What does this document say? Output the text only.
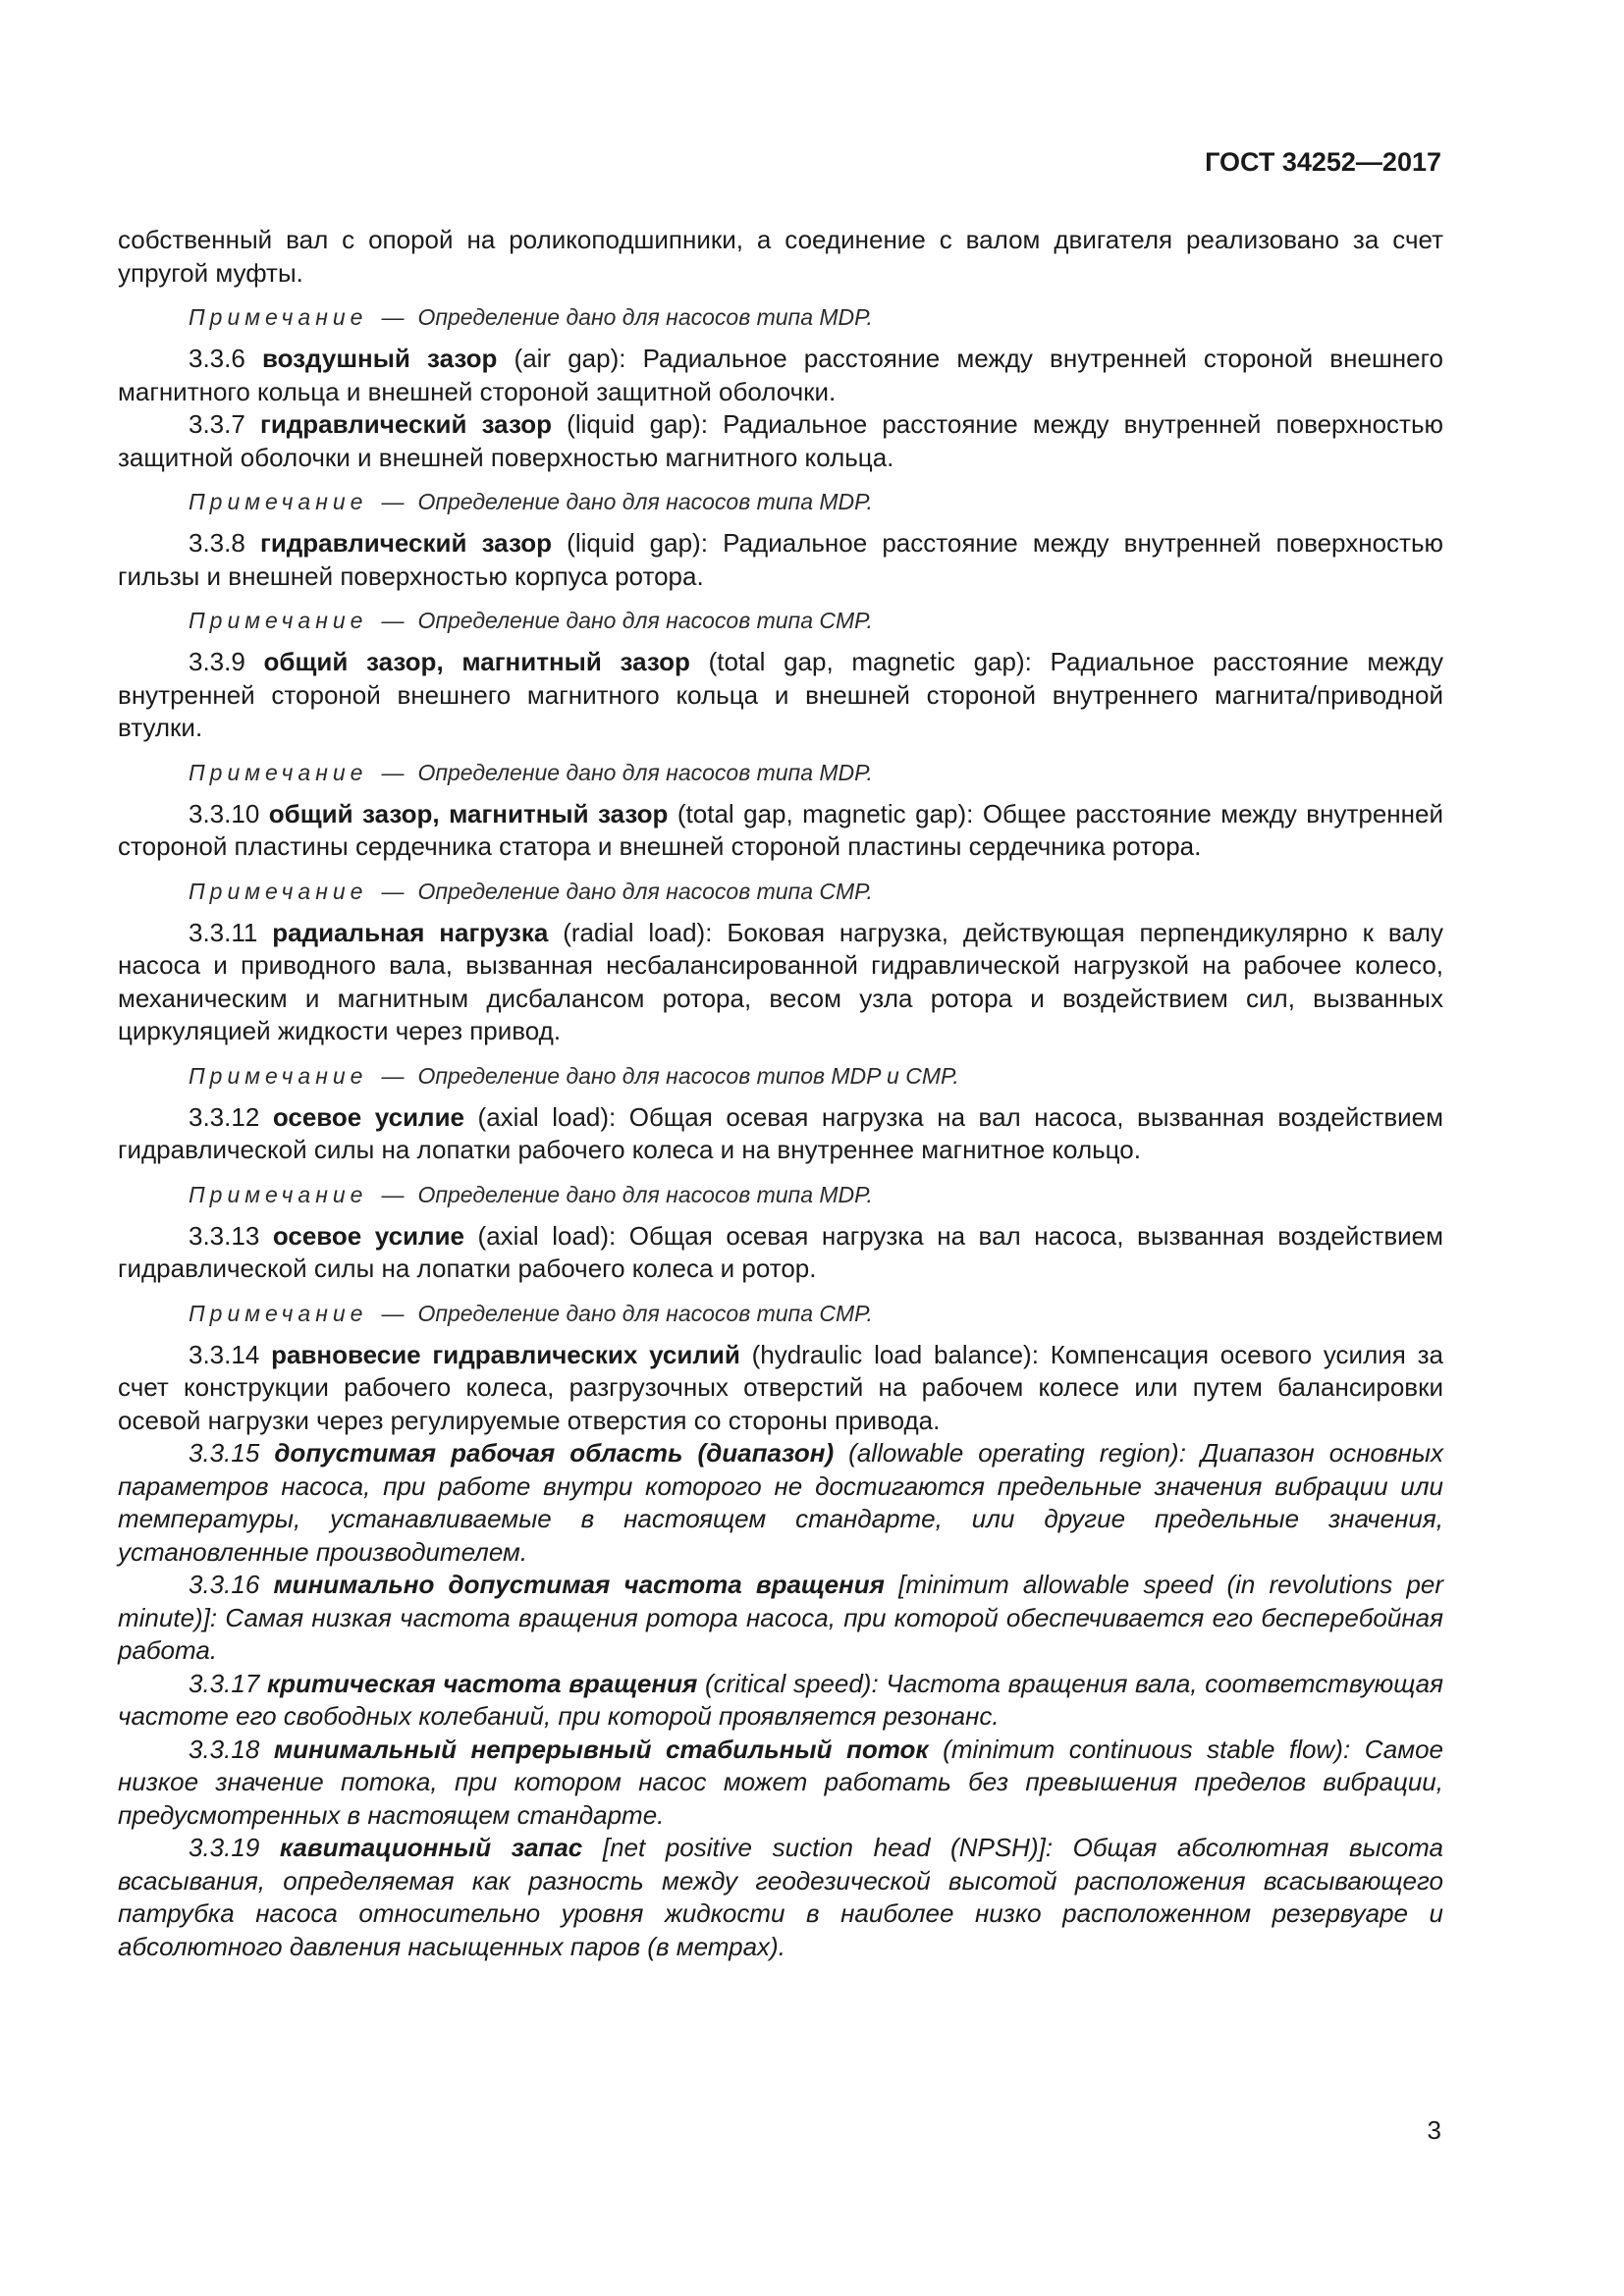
ГОСТ 34252—2017

собственный вал с опорой на роликоподшипники, а соединение с валом двигателя реализовано за счет упругой муфты.

Примечание — Определение дано для насосов типа MDP.

3.3.6 воздушный зазор (air gap): Радиальное расстояние между внутренней стороной внешнего магнитного кольца и внешней стороной защитной оболочки.

3.3.7 гидравлический зазор (liquid gap): Радиальное расстояние между внутренней поверхностью защитной оболочки и внешней поверхностью магнитного кольца.

Примечание — Определение дано для насосов типа MDP.

3.3.8 гидравлический зазор (liquid gap): Радиальное расстояние между внутренней поверхностью гильзы и внешней поверхностью корпуса ротора.

Примечание — Определение дано для насосов типа CMP.

3.3.9 общий зазор, магнитный зазор (total gap, magnetic gap): Радиальное расстояние между внутренней стороной внешнего магнитного кольца и внешней стороной внутреннего магнита/приводной втулки.

Примечание — Определение дано для насосов типа MDP.

3.3.10 общий зазор, магнитный зазор (total gap, magnetic gap): Общее расстояние между внутренней стороной пластины сердечника статора и внешней стороной пластины сердечника ротора.

Примечание — Определение дано для насосов типа CMP.

3.3.11 радиальная нагрузка (radial load): Боковая нагрузка, действующая перпендикулярно к валу насоса и приводного вала, вызванная несбалансированной гидравлической нагрузкой на рабочее колесо, механическим и магнитным дисбалансом ротора, весом узла ротора и воздействием сил, вызванных циркуляцией жидкости через привод.

Примечание — Определение дано для насосов типов MDP и CMP.

3.3.12 осевое усилие (axial load): Общая осевая нагрузка на вал насоса, вызванная воздействием гидравлической силы на лопатки рабочего колеса и на внутреннее магнитное кольцо.

Примечание — Определение дано для насосов типа MDP.

3.3.13 осевое усилие (axial load): Общая осевая нагрузка на вал насоса, вызванная воздействием гидравлической силы на лопатки рабочего колеса и ротор.

Примечание — Определение дано для насосов типа CMP.

3.3.14 равновесие гидравлических усилий (hydraulic load balance): Компенсация осевого усилия за счет конструкции рабочего колеса, разгрузочных отверстий на рабочем колесе или путем балансировки осевой нагрузки через регулируемые отверстия со стороны привода.

3.3.15 допустимая рабочая область (диапазон) (allowable operating region): Диапазон основных параметров насоса, при работе внутри которого не достигаются предельные значения вибрации или температуры, устанавливаемые в настоящем стандарте, или другие предельные значения, установленные производителем.

3.3.16 минимально допустимая частота вращения [minimum allowable speed (in revolutions per minute)]: Самая низкая частота вращения ротора насоса, при которой обеспечивается его бесперебойная работа.

3.3.17 критическая частота вращения (critical speed): Частота вращения вала, соответствующая частоте его свободных колебаний, при которой проявляется резонанс.

3.3.18 минимальный непрерывный стабильный поток (minimum continuous stable flow): Самое низкое значение потока, при котором насос может работать без превышения пределов вибрации, предусмотренных в настоящем стандарте.

3.3.19 кавитационный запас [net positive suction head (NPSH)]: Общая абсолютная высота всасывания, определяемая как разность между геодезической высотой расположения всасывающего патрубка насоса относительно уровня жидкости в наиболее низко расположенном резервуаре и абсолютного давления насыщенных паров (в метрах).

3
